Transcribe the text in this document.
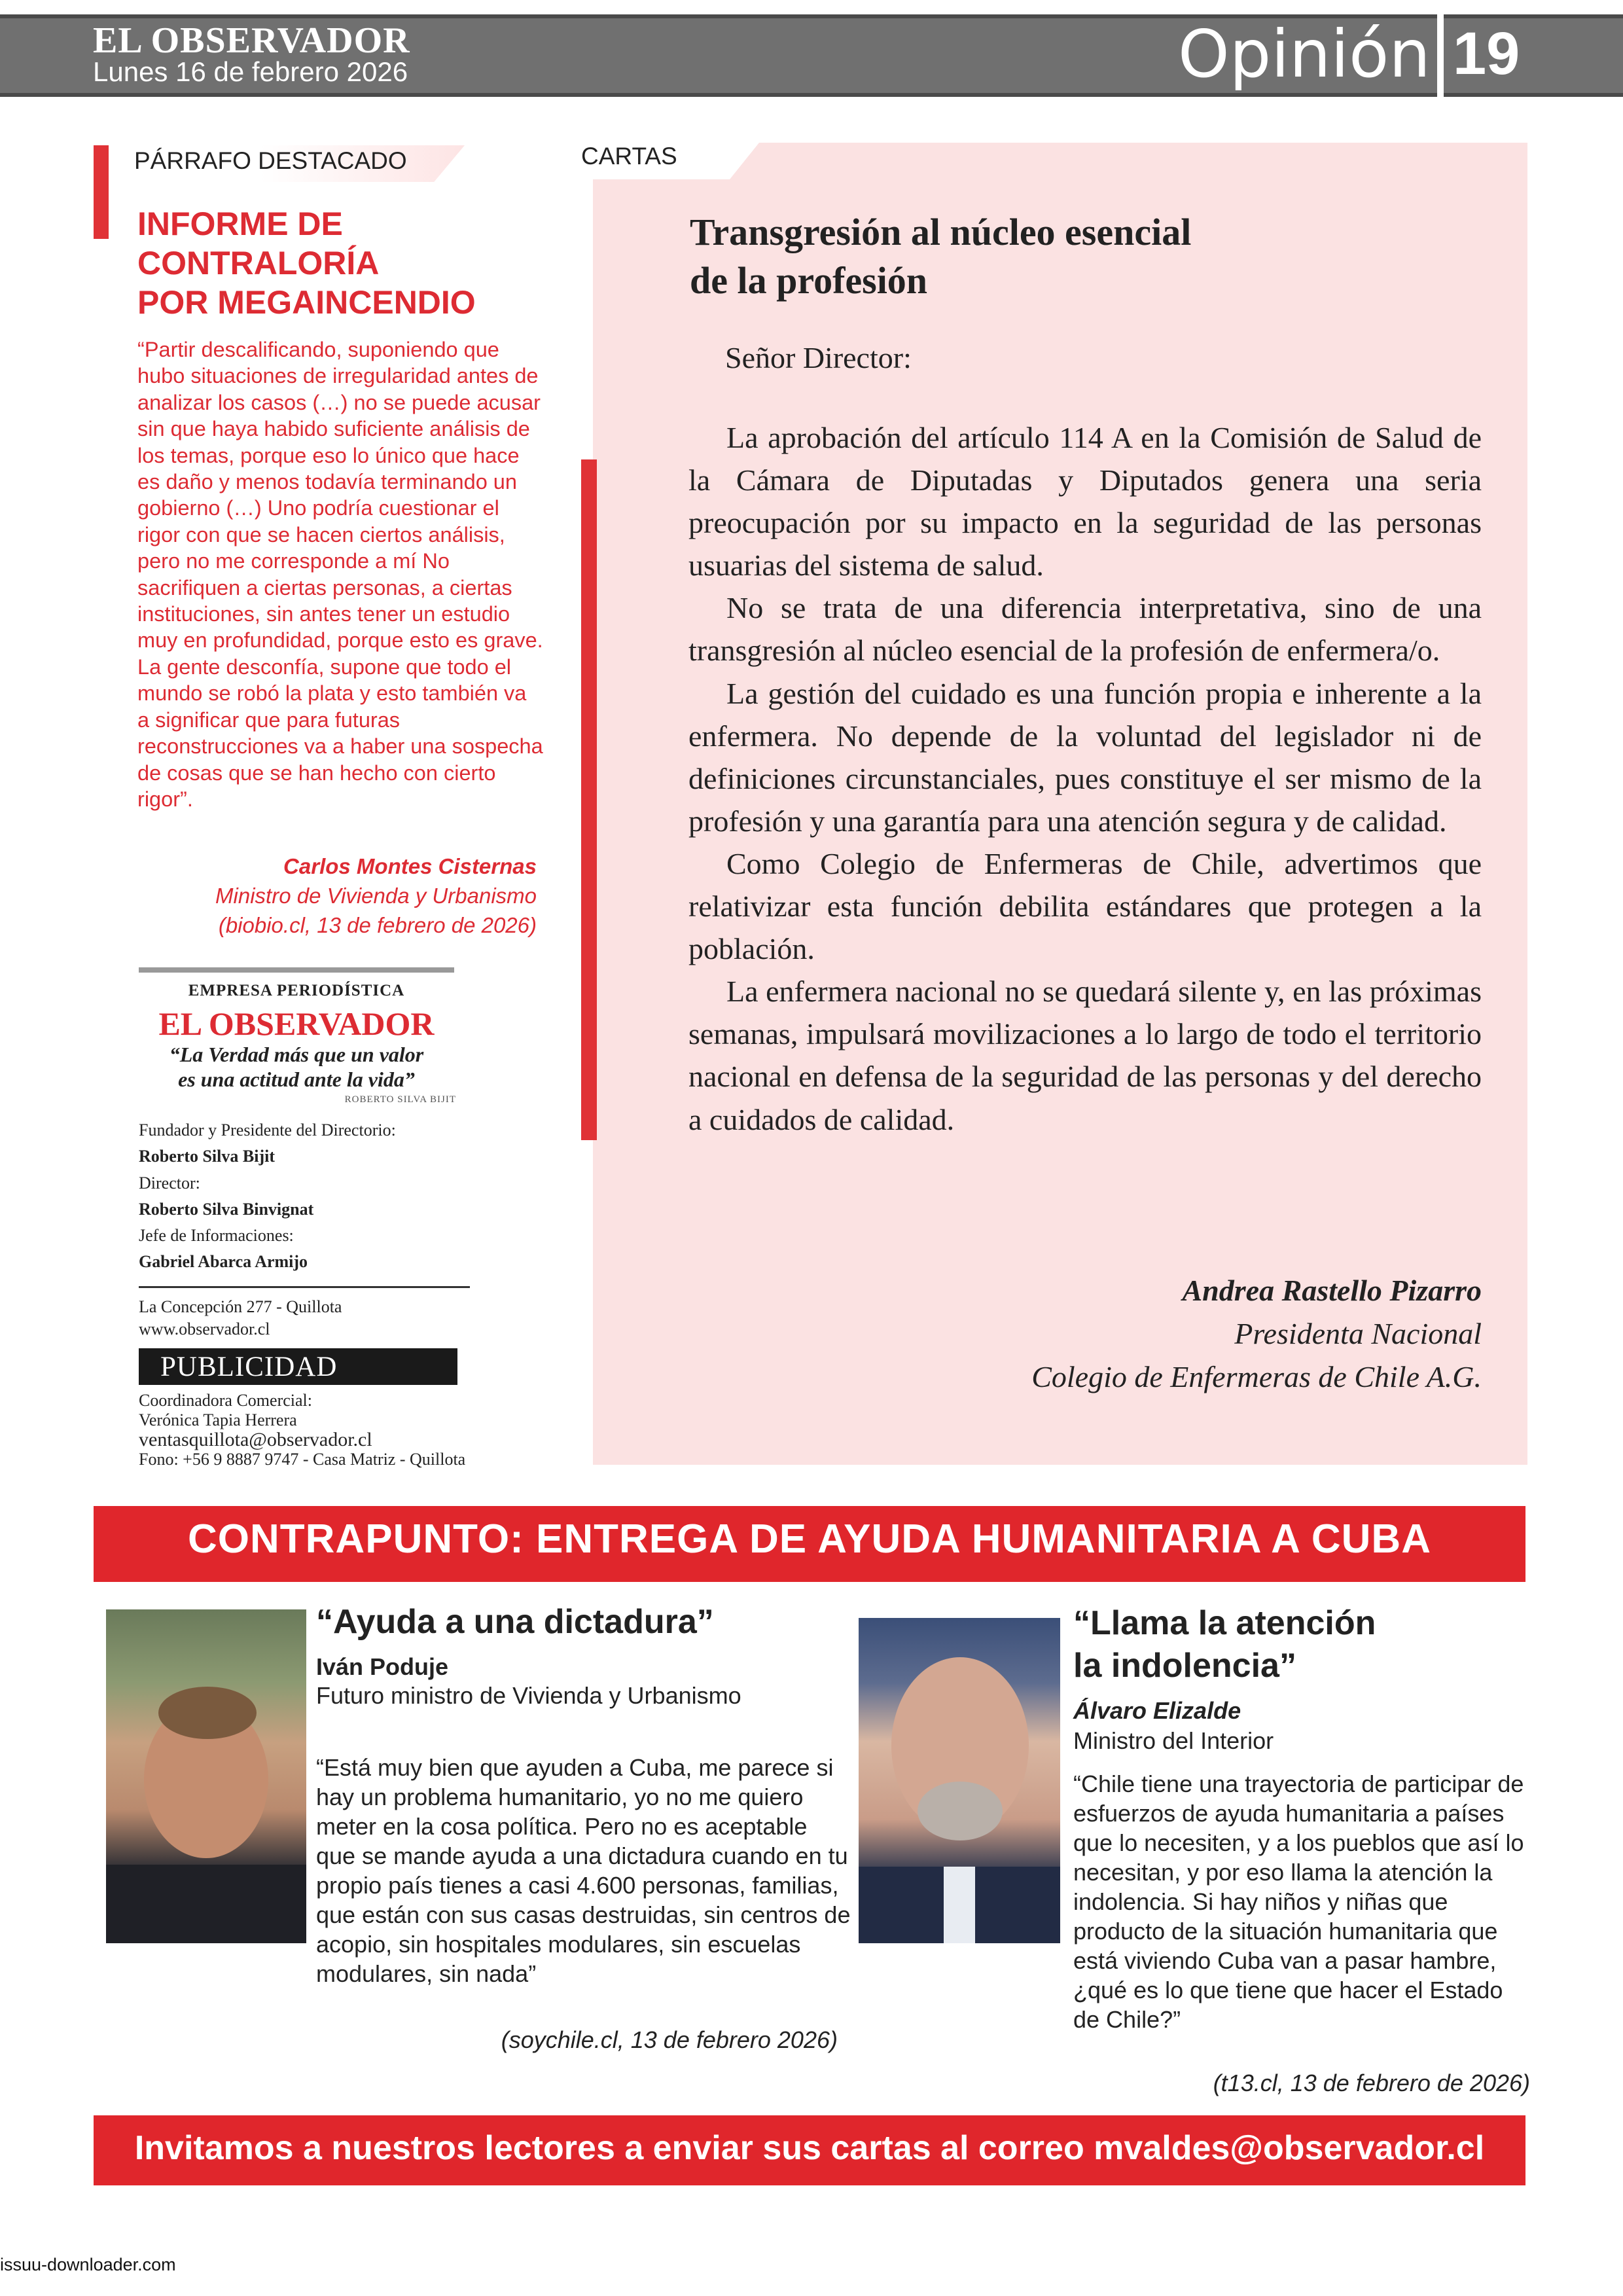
EL OBSERVADOR
Lunes 16 de febrero 2026	Opinión 19
PÁRRAFO DESTACADO
INFORME DE
CONTRALORÍA
POR MEGAINCENDIO
“Partir descalificando, suponiendo que hubo situaciones de irregularidad antes de analizar los casos (…) no se puede acusar sin que haya habido suficiente análisis de los temas, porque eso lo único que hace es daño y menos todavía terminando un gobierno (…) Uno podría cuestionar el rigor con que se hacen ciertos análisis, pero no me corresponde a mí No sacrifiquen a ciertas personas, a ciertas instituciones, sin antes tener un estudio muy en profundidad, porque esto es grave. La gente desconfía, supone que todo el mundo se robó la plata y esto también va a significar que para futuras reconstrucciones va a haber una sospecha de cosas que se han hecho con cierto rigor”.
Carlos Montes Cisternas
Ministro de Vivienda y Urbanismo
(biobio.cl, 13 de febrero de 2026)
EMPRESA PERIODÍSTICA
EL OBSERVADOR
“La Verdad más que un valor
es una actitud ante la vida”
ROBERTO SILVA BIJIT
Fundador y Presidente del Directorio:
Roberto Silva Bijit
Director:
Roberto Silva Binvignat
Jefe de Informaciones:
Gabriel Abarca Armijo
La Concepción 277 - Quillota
www.observador.cl
PUBLICIDAD
Coordinadora Comercial:
Verónica Tapia Herrera
ventasquillota@observador.cl
Fono: +56 9 8887 9747 - Casa Matriz - Quillota
CARTAS
Transgresión al núcleo esencial
de la profesión
Señor Director:

La aprobación del artículo 114 A en la Comisión de Salud de la Cámara de Diputadas y Diputados genera una seria preocupación por su impacto en la seguridad de las personas usuarias del sistema de salud.

No se trata de una diferencia interpretativa, sino de una transgresión al núcleo esencial de la profesión de enfermera/o.

La gestión del cuidado es una función propia e inherente a la enfermera. No depende de la voluntad del legislador ni de definiciones circunstanciales, pues constituye el ser mismo de la profesión y una garantía para una atención segura y de calidad.

Como Colegio de Enfermeras de Chile, advertimos que relativizar esta función debilita estándares que protegen a la población.

La enfermera nacional no se quedará silente y, en las próximas semanas, impulsará movilizaciones a lo largo de todo el territorio nacional en defensa de la seguridad de las personas y del derecho a cuidados de calidad.

Andrea Rastello Pizarro
Presidenta Nacional
Colegio de Enfermeras de Chile A.G.
CONTRAPUNTO: ENTREGA DE AYUDA HUMANITARIA A CUBA
“Ayuda a una dictadura”
Iván Poduje
Futuro ministro de Vivienda y Urbanismo
“Está muy bien que ayuden a Cuba, me parece si hay un problema humanitario, yo no me quiero meter en la cosa política. Pero no es aceptable que se mande ayuda a una dictadura cuando en tu propio país tienes a casi 4.600 personas, familias, que están con sus casas destruidas, sin centros de acopio, sin hospitales modulares, sin escuelas modulares, sin nada”
(soychile.cl, 13 de febrero 2026)
“Llama la atención
la indolencia”
Álvaro Elizalde
Ministro del Interior
“Chile tiene una trayectoria de participar de esfuerzos de ayuda humanitaria a países que lo necesiten, y a los pueblos que así lo necesitan, y por eso llama la atención la indolencia. Si hay niños y niñas que producto de la situación humanitaria que está viviendo Cuba van a pasar hambre, ¿qué es lo que tiene que hacer el Estado de Chile?”
(t13.cl, 13 de febrero de 2026)
Invitamos a nuestros lectores a enviar sus cartas al correo mvaldes@observador.cl
issuu-downloader.com
